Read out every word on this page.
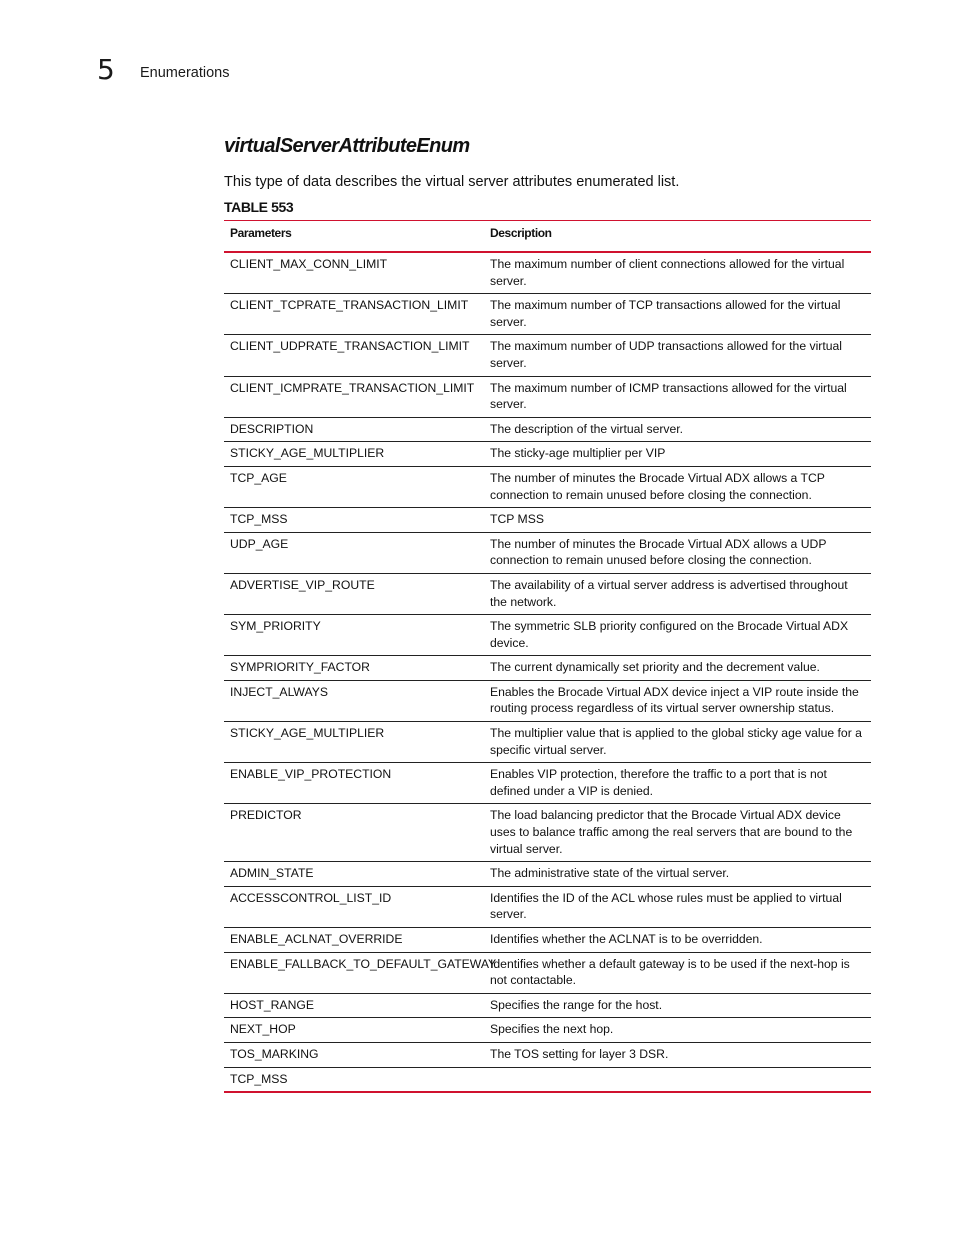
5 Enumerations
virtualServerAttributeEnum
This type of data describes the virtual server attributes enumerated list.
TABLE 553
Parameters	Description
CLIENT_MAX_CONN_LIMIT	The maximum number of client connections allowed for the virtual server.
CLIENT_TCPRATE_TRANSACTION_LIMIT	The maximum number of TCP transactions allowed for the virtual server.
CLIENT_UDPRATE_TRANSACTION_LIMIT	The maximum number of UDP transactions allowed for the virtual server.
CLIENT_ICMPRATE_TRANSACTION_LIMIT	The maximum number of ICMP transactions allowed for the virtual server.
DESCRIPTION	The description of the virtual server.
STICKY_AGE_MULTIPLIER	The sticky-age multiplier per VIP
TCP_AGE	The number of minutes the Brocade Virtual ADX allows a TCP connection to remain unused before closing the connection.
TCP_MSS	TCP MSS
UDP_AGE	The number of minutes the Brocade Virtual ADX allows a UDP connection to remain unused before closing the connection.
ADVERTISE_VIP_ROUTE	The availability of a virtual server address is advertised throughout the network.
SYM_PRIORITY	The symmetric SLB priority configured on the Brocade Virtual ADX device.
SYMPRIORITY_FACTOR	The current dynamically set priority and the decrement value.
INJECT_ALWAYS	Enables the Brocade Virtual ADX device inject a VIP route inside the routing process regardless of its virtual server ownership status.
STICKY_AGE_MULTIPLIER	The multiplier value that is applied to the global sticky age value for a specific virtual server.
ENABLE_VIP_PROTECTION	Enables VIP protection, therefore the traffic to a port that is not defined under a VIP is denied.
PREDICTOR	The load balancing predictor that the Brocade Virtual ADX device uses to balance traffic among the real servers that are bound to the virtual server.
ADMIN_STATE	The administrative state of the virtual server.
ACCESSCONTROL_LIST_ID	Identifies the ID of the ACL whose rules must be applied to virtual server.
ENABLE_ACLNAT_OVERRIDE	Identifies whether the ACLNAT is to be overridden.
ENABLE_FALLBACK_TO_DEFAULT_GATEWAY	Identifies whether a default gateway is to be used if the next-hop is not contactable.
HOST_RANGE	Specifies the range for the host.
NEXT_HOP	Specifies the next hop.
TOS_MARKING	The TOS setting for layer 3 DSR.
TCP_MSS	
